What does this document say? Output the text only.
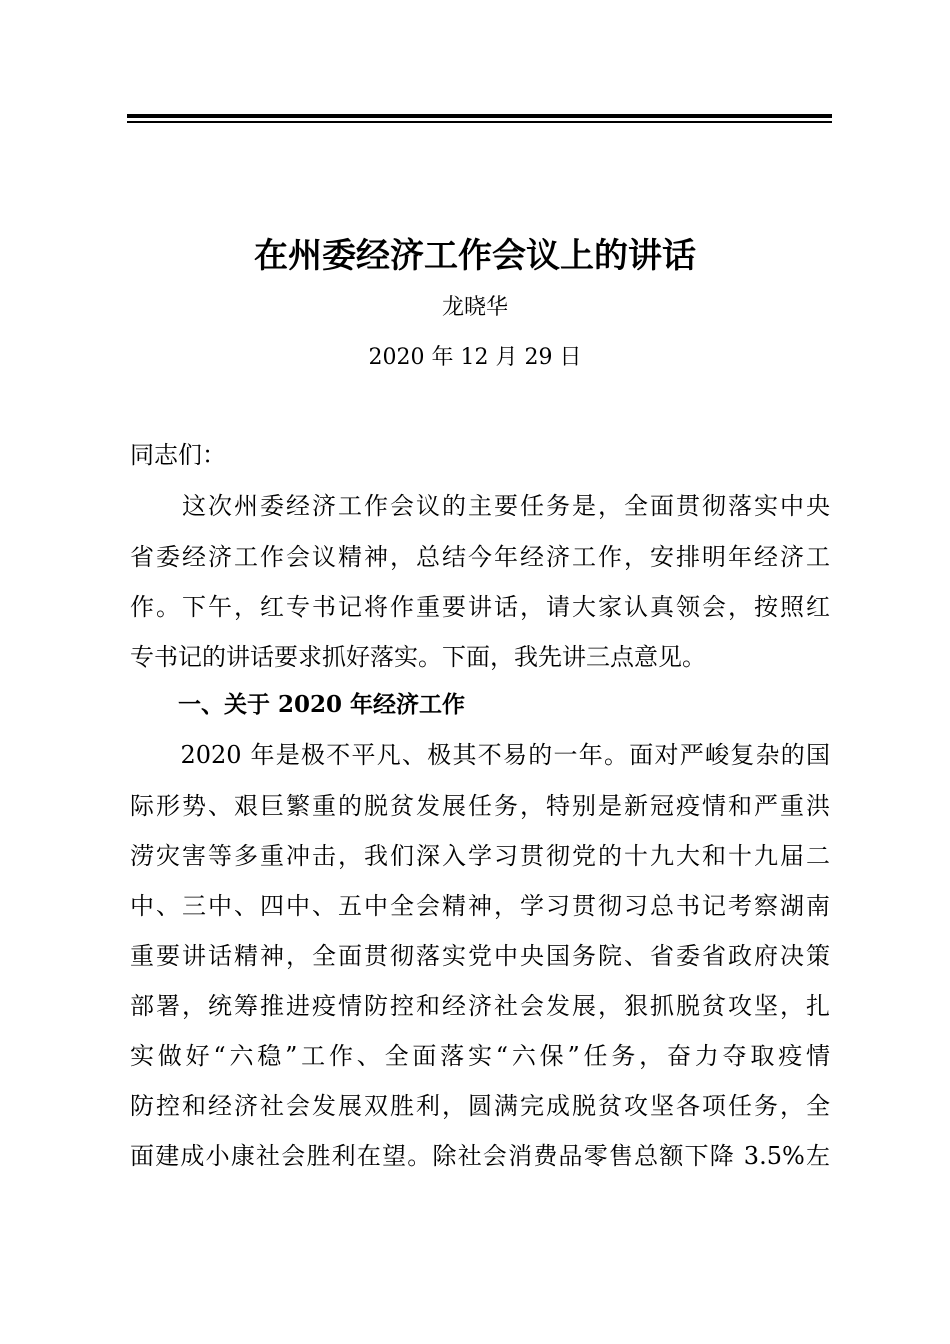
在州委经济工作会议上的讲话
龙晓华
2020 年 12 月 29 日
同志们：
　　这次州委经济工作会议的主要任务是，全面贯彻落实中央
省委经济工作会议精神，总结今年经济工作，安排明年经济工
作。下午，红专书记将作重要讲话，请大家认真领会，按照红
专书记的讲话要求抓好落实。下面，我先讲三点意见。
一、关于 2020 年经济工作
　　2020 年是极不平凡、极其不易的一年。面对严峻复杂的国
际形势、艰巨繁重的脱贫发展任务，特别是新冠疫情和严重洪
涝灾害等多重冲击，我们深入学习贯彻党的十九大和十九届二
中、三中、四中、五中全会精神，学习贯彻习总书记考察湖南
重要讲话精神，全面贯彻落实党中央国务院、省委省政府决策
部署，统筹推进疫情防控和经济社会发展，狠抓脱贫攻坚，扎
实做好“六稳”工作、全面落实“六保”任务，奋力夺取疫情
防控和经济社会发展双胜利，圆满完成脱贫攻坚各项任务，全
面建成小康社会胜利在望。除社会消费品零售总额下降 3.5%左
